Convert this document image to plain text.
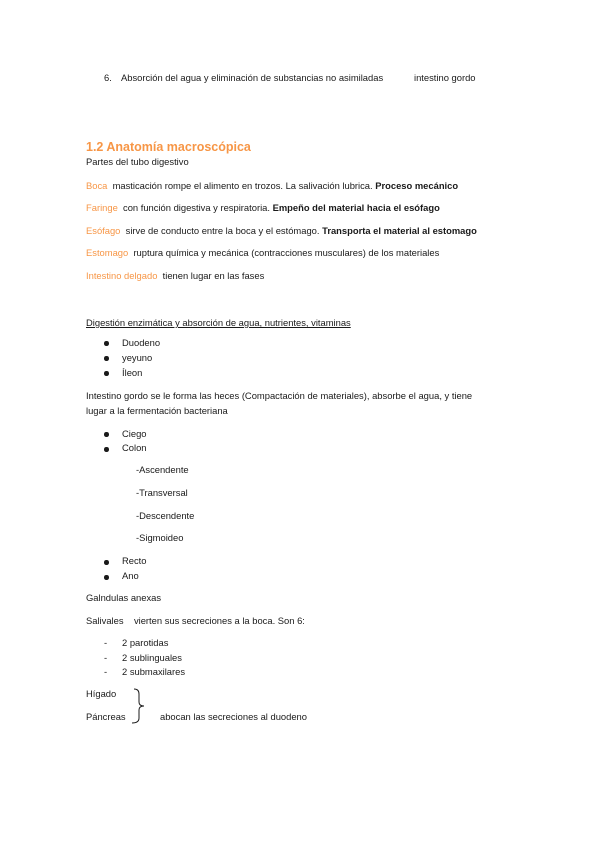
6. Absorción del agua y eliminación de substancias no asimiladas	intestino gordo
1.2 Anatomía macroscópica
Partes del tubo digestivo
Boca masticación rompe el alimento en trozos. La salivación lubrica. Proceso mecánico
Faringe con función digestiva y respiratoria. Empeño del material hacia el esófago
Esófago sirve de conducto entre la boca y el estómago. Transporta el material al estomago
Estomago ruptura química y mecánica (contracciones musculares) de los materiales
Intestino delgado tienen lugar en las fases
Digestión enzimática y absorción de agua, nutrientes, vitaminas
Duodeno
yeyuno
Íleon
Intestino gordo se le forma las heces (Compactación de materiales), absorbe el agua, y tiene
lugar a la fermentación bacteriana
Ciego
Colon
-Ascendente
-Transversal
-Descendente
-Sigmoideo
Recto
Ano
Galndulas anexas
Salivales vierten sus secreciones a la boca. Son 6:
- 2 parotidas
- 2 sublinguales
- 2 submaxilares
Hígado
Páncreas	abocan las secreciones al duodeno
